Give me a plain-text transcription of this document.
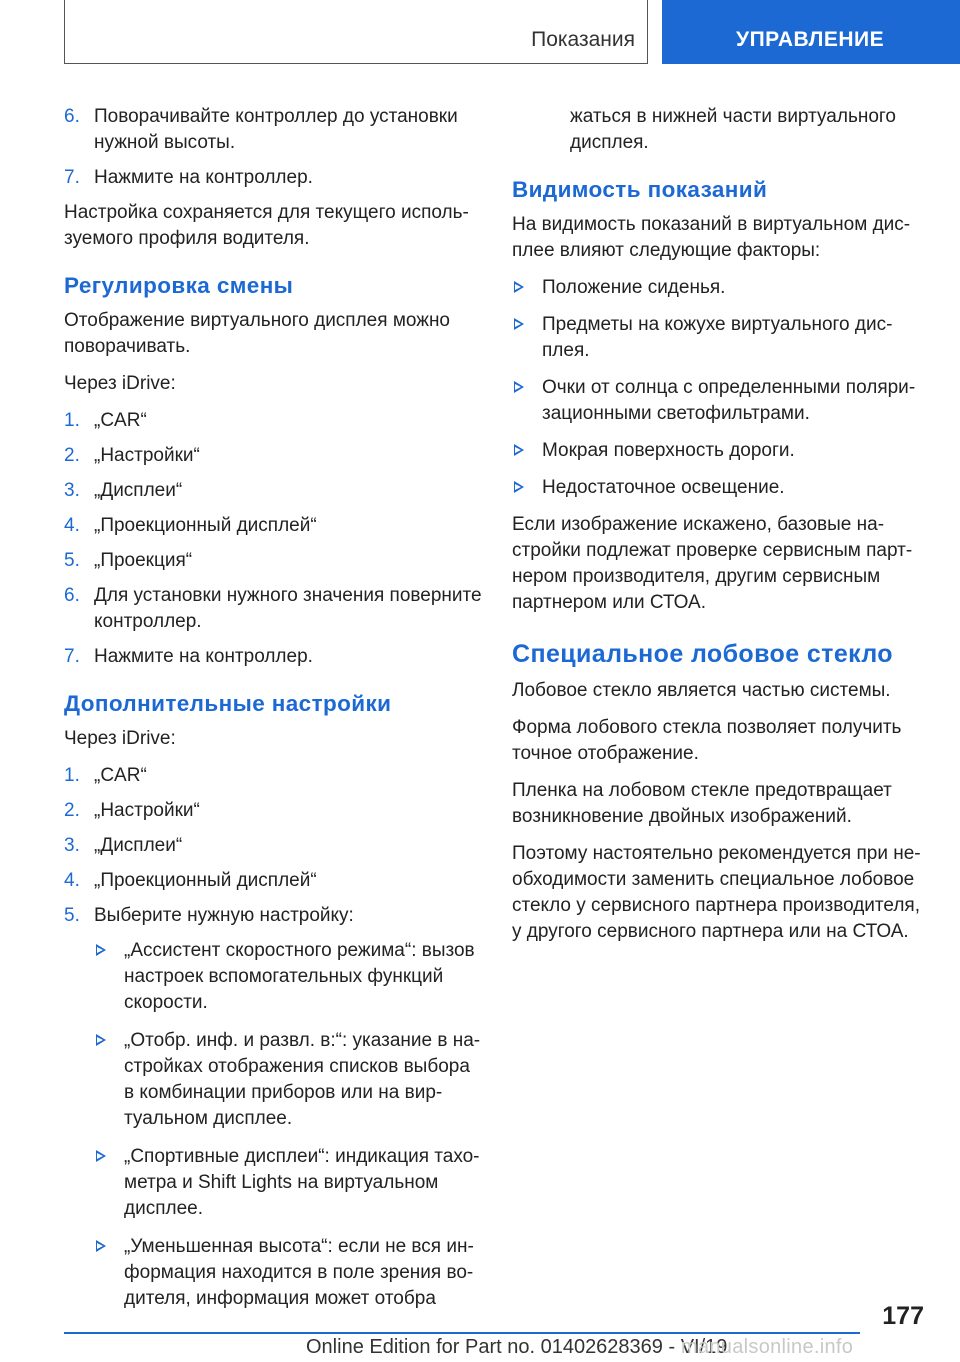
Показания	УПРАВЛЕНИЕ
6. Поворачивайте контроллер до установки нужной высоты.
7. Нажмите на контроллер.

Настройка сохраняется для текущего используемого профиля водителя.

Регулировка смены

Отображение виртуального дисплея можно поворачивать.

Через iDrive:

1. „CAR“
2. „Настройки“
3. „Дисплеи“
4. „Проекционный дисплей“
5. „Проекция“
6. Для установки нужного значения поверните контроллер.
7. Нажмите на контроллер.
Дополнительные настройки

Через iDrive:

1. „CAR“
2. „Настройки“
3. „Дисплеи“
4. „Проекционный дисплей“
5. Выберите нужную настройку:
„Ассистент скоростного режима“: вызов настроек вспомогательных функций скорости.
„Отобр. инф. и развл. в:“: указание в настройках отображения списков выбора в комбинации приборов или на виртуальном дисплее.
„Спортивные дисплеи“: индикация тахометра и Shift Lights на виртуальном дисплее.
„Уменьшенная высота“: если не вся информация находится в поле зрения водителя, информация может отобра

жаться в нижней части виртуального дисплея.

Видимость показаний

На видимость показаний в виртуальном дисплее влияют следующие факторы:

Положение сиденья.
Предметы на кожухе виртуального дисплея.
Очки от солнца с определенными поляризационными светофильтрами.
Мокрая поверхность дороги.
Недостаточное освещение.

Если изображение искажено, базовые настройки подлежат проверке сервисным партнером производителя, другим сервисным партнером или СТОА.

Специальное лобовое стекло

Лобовое стекло является частью системы.

Форма лобового стекла позволяет получить точное отображение.

Пленка на лобовом стекле предотвращает возникновение двойных изображений.

Поэтому настоятельно рекомендуется при необходимости заменить специальное лобовое стекло у сервисного партнера производителя, у другого сервисного партнера или на СТОА.

177
Online Edition for Part no. 01402628369 - VI/19
manualsonline.info
